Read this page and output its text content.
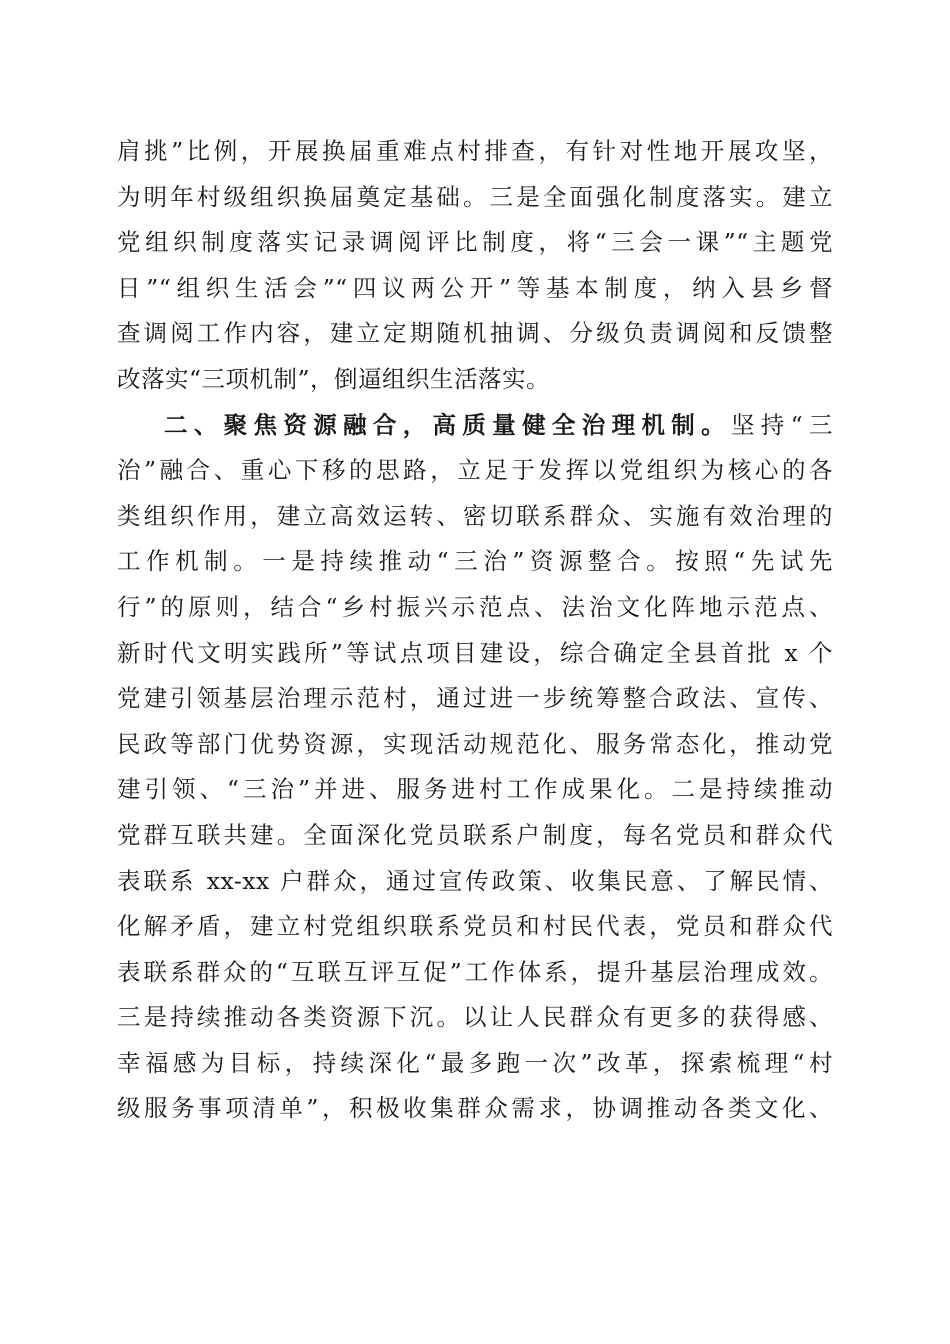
肩挑”比例，开展换届重难点村排查，有针对性地开展攻坚，
为明年村级组织换届奠定基础。三是全面强化制度落实。建立
党组织制度落实记录调阅评比制度，将“三会一课”“主题党
日”“组织生活会”“四议两公开”等基本制度，纳入县乡督
查调阅工作内容，建立定期随机抽调、分级负责调阅和反馈整
改落实“三项机制”，倒逼组织生活落实。
二、聚焦资源融合，高质量健全治理机制。坚持“三
治”融合、重心下移的思路，立足于发挥以党组织为核心的各
类组织作用，建立高效运转、密切联系群众、实施有效治理的
工作机制。一是持续推动“三治”资源整合。按照“先试先
行”的原则，结合“乡村振兴示范点、法治文化阵地示范点、
新时代文明实践所”等试点项目建设，综合确定全县首批 x 个
党建引领基层治理示范村，通过进一步统筹整合政法、宣传、
民政等部门优势资源，实现活动规范化、服务常态化，推动党
建引领、“三治”并进、服务进村工作成果化。二是持续推动
党群互联共建。全面深化党员联系户制度，每名党员和群众代
表联系 xx-xx 户群众，通过宣传政策、收集民意、了解民情、
化解矛盾，建立村党组织联系党员和村民代表，党员和群众代
表联系群众的“互联互评互促”工作体系，提升基层治理成效。
三是持续推动各类资源下沉。以让人民群众有更多的获得感、
幸福感为目标，持续深化“最多跑一次”改革，探索梳理“村
级服务事项清单”，积极收集群众需求，协调推动各类文化、
